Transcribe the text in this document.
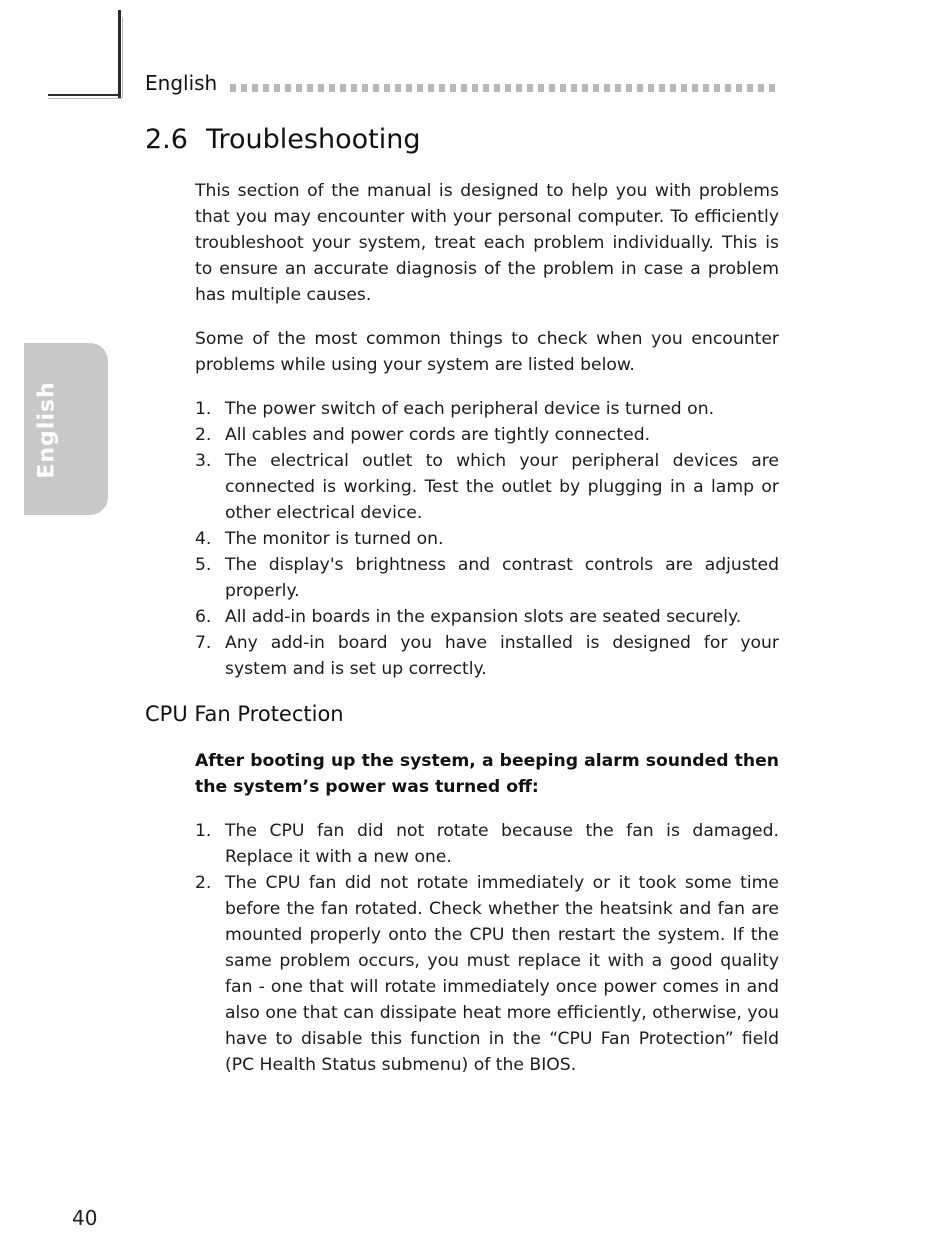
English
English
2.6 Troubleshooting

This section of the manual is designed to help you with problems that you may encounter with your personal computer. To efficiently troubleshoot your system, treat each problem individually. This is to ensure an accurate diagnosis of the problem in case a problem has multiple causes.

Some of the most common things to check when you encounter problems while using your system are listed below.

1. The power switch of each peripheral device is turned on.
2. All cables and power cords are tightly connected.
3. The electrical outlet to which your peripheral devices are connected is working. Test the outlet by plugging in a lamp or other electrical device.
4. The monitor is turned on.
5. The display's brightness and contrast controls are adjusted properly.
6. All add-in boards in the expansion slots are seated securely.
7. Any add-in board you have installed is designed for your system and is set up correctly.
CPU Fan Protection

After booting up the system, a beeping alarm sounded then the system’s power was turned off:

1. The CPU fan did not rotate because the fan is damaged. Replace it with a new one.
2. The CPU fan did not rotate immediately or it took some time before the fan rotated. Check whether the heatsink and fan are mounted properly onto the CPU then restart the system. If the same problem occurs, you must replace it with a good quality fan - one that will rotate immediately once power comes in and also one that can dissipate heat more efficiently, otherwise, you have to disable this function in the “CPU Fan Protection” field (PC Health Status submenu) of the BIOS.
40
